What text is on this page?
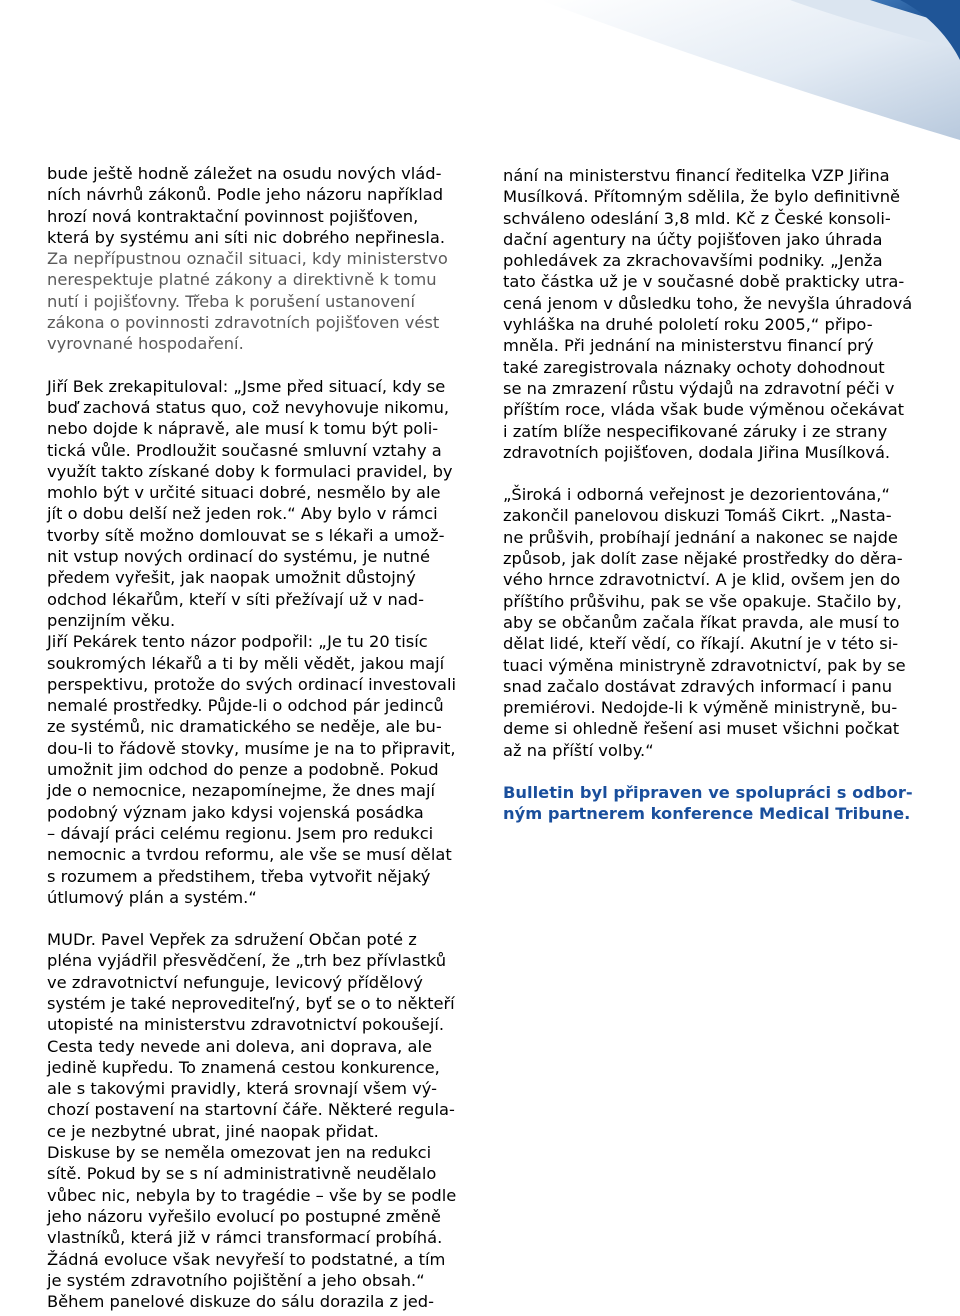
bude ještě hodně záležet na osudu nových vlád-
ních návrhů zákonů. Podle jeho názoru například
hrozí nová kontraktační povinnost pojišťoven,
která by systému ani síti nic dobrého nepřinesla.
Za nepřípustnou označil situaci, kdy ministerstvo
nerespektuje platné zákony a direktivně k tomu
nutí i pojišťovny. Třeba k porušení ustanovení
zákona o povinnosti zdravotních pojišťoven vést
vyrovnané hospodaření.
Jiří Bek zrekapituloval: „Jsme před situací, kdy se
buď zachová status quo, což nevyhovuje nikomu,
nebo dojde k nápravě, ale musí k tomu být poli-
tická vůle. Prodloužit současné smluvní vztahy a
využít takto získané doby k formulaci pravidel, by
mohlo být v určité situaci dobré, nesmělo by ale
jít o dobu delší než jeden rok.“ Aby bylo v rámci
tvorby sítě možno domlouvat se s lékaři a umož-
nit vstup nových ordinací do systému, je nutné
předem vyřešit, jak naopak umožnit důstojný
odchod lékařům, kteří v síti přežívají už v nad-
penzijním věku.
Jiří Pekárek tento názor podpořil: „Je tu 20 tisíc
soukromých lékařů a ti by měli vědět, jakou mají
perspektivu, protože do svých ordinací investovali
nemalé prostředky. Půjde-li o odchod pár jedinců
ze systémů, nic dramatického se neděje, ale bu-
dou-li to řádově stovky, musíme je na to připravit,
umožnit jim odchod do penze a podobně. Pokud
jde o nemocnice, nezapomínejme, že dnes mají
podobný význam jako kdysi vojenská posádka
– dávají práci celému regionu. Jsem pro redukci
nemocnic a tvrdou reformu, ale vše se musí dělat
s rozumem a předstihem, třeba vytvořit nějaký
útlumový plán a systém.“
MUDr. Pavel Vepřek za sdružení Občan poté z
pléna vyjádřil přesvědčení, že „trh bez přívlastků
ve zdravotnictví nefunguje, levicový přídělový
systém je také neprovediteľný, byť se o to někteří
utopisté na ministerstvu zdravotnictví pokoušejí.
Cesta tedy nevede ani doleva, ani doprava, ale
jedině kupředu. To znamená cestou konkurence,
ale s takovými pravidly, která srovnají všem vý-
chozí postavení na startovní čáře. Některé regula-
ce je nezbytné ubrat, jiné naopak přidat.
Diskuse by se neměla omezovat jen na redukci
sítě. Pokud by se s ní administrativně neudělalo
vůbec nic, nebyla by to tragédie – vše by se podle
jeho názoru vyřešilo evolucí po postupné změně
vlastníků, která již v rámci transformací probíhá.
Žádná evoluce však nevyřeší to podstatné, a tím
je systém zdravotního pojištění a jeho obsah.“
Během panelové diskuze do sálu dorazila z jed-
nání na ministerstvu financí ředitelka VZP Jiřina
Musílková. Přítomným sdělila, že bylo definitivně
schváleno odeslání 3,8 mld. Kč z České konsoli-
dační agentury na účty pojišťoven jako úhrada
pohledávek za zkrachovavšími podniky. „Jenža
tato částka už je v současné době prakticky utra-
cená jenom v důsledku toho, že nevyšla úhradová
vyhláška na druhé pololetí roku 2005,“ připo-
mněla. Při jednání na ministerstvu financí prý
také zaregistrovala náznaky ochoty dohodnout
se na zmrazení růstu výdajů na zdravotní péči v
příštím roce, vláda však bude výměnou očekávat
i zatím blíže nespecifikované záruky i ze strany
zdravotních pojišťoven, dodala Jiřina Musílková.
„Široká i odborná veřejnost je dezorientována,“
zakončil panelovou diskuzi Tomáš Cikrt. „Nasta-
ne průšvih, probíhají jednání a nakonec se najde
způsob, jak dolít zase nějaké prostředky do děra-
vého hrnce zdravotnictví. A je klid, ovšem jen do
příštího průšvihu, pak se vše opakuje. Stačilo by,
aby se občanům začala říkat pravda, ale musí to
dělat lidé, kteří vědí, co říkají. Akutní je v této si-
tuaci výměna ministryně zdravotnictví, pak by se
snad začalo dostávat zdravých informací i panu
premiérovi. Nedojde-li k výměně ministryně, bu-
deme si ohledně řešení asi muset všichni počkat
až na příští volby.“
Bulletin byl připraven ve spolupráci s odbor-
ným partnerem konference Medical Tribune.
